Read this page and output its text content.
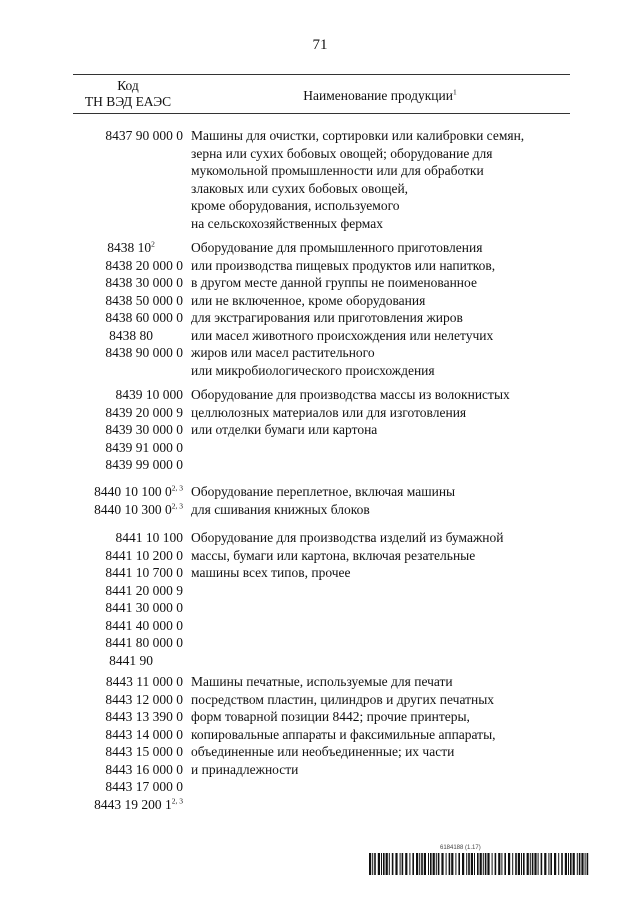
71
Код
ТН ВЭД ЕАЭС	Наименование продукции$^1$
8437 90 000 0 Машины для очистки, сортировки или калибровки семян,
зерна или сухих бобовых овощей; оборудование для
мукомольной промышленности или для обработки
злаковых или сухих бобовых овощей,
кроме оборудования, используемого
на сельскохозяйственных фермах
8438 $10^2$
8438 20 000 0
8438 30 000 0
8438 50 000 0
8438 60 000 0
8438 80
8438 90 000 0
Оборудование для промышленного приготовления
или производства пищевых продуктов или напитков,
в другом месте данной группы не поименованное
или не включенное, кроме оборудования
для экстрагирования или приготовления жиров
или масел животного происхождения или нелетучих
жиров или масел растительного
или микробиологического происхождения
8439 10 000
8439 20 000 9
8439 30 000 0
8439 91 000 0
8439 99 000 0
Оборудование для производства массы из волокнистых
целлюлозных материалов или для изготовления
или отделки бумаги или картона
8440 10 100 0$^{2, 3}$
8440 10 300 0$^{2, 3}$
Оборудование переплетное, включая машины
для сшивания книжных блоков
8441 10 100
8441 10 200 0
8441 10 700 0
8441 20 000 9
8441 30 000 0
8441 40 000 0
8441 80 000 0
8441 90
Оборудование для производства изделий из бумажной
массы, бумаги или картона, включая резательные
машины всех типов, прочее
8443 11 000 0
8443 12 000 0
8443 13 390 0
8443 14 000 0
8443 15 000 0
8443 16 000 0
8443 17 000 0
8443 19 200 1$^{2, 3}$
Машины печатные, используемые для печати
посредством пластин, цилиндров и других печатных
форм товарной позиции 8442; прочие принтеры,
копировальные аппараты и факсимильные аппараты,
объединенные или необъединенные; их части
и принадлежности
6184188 (1.17)
